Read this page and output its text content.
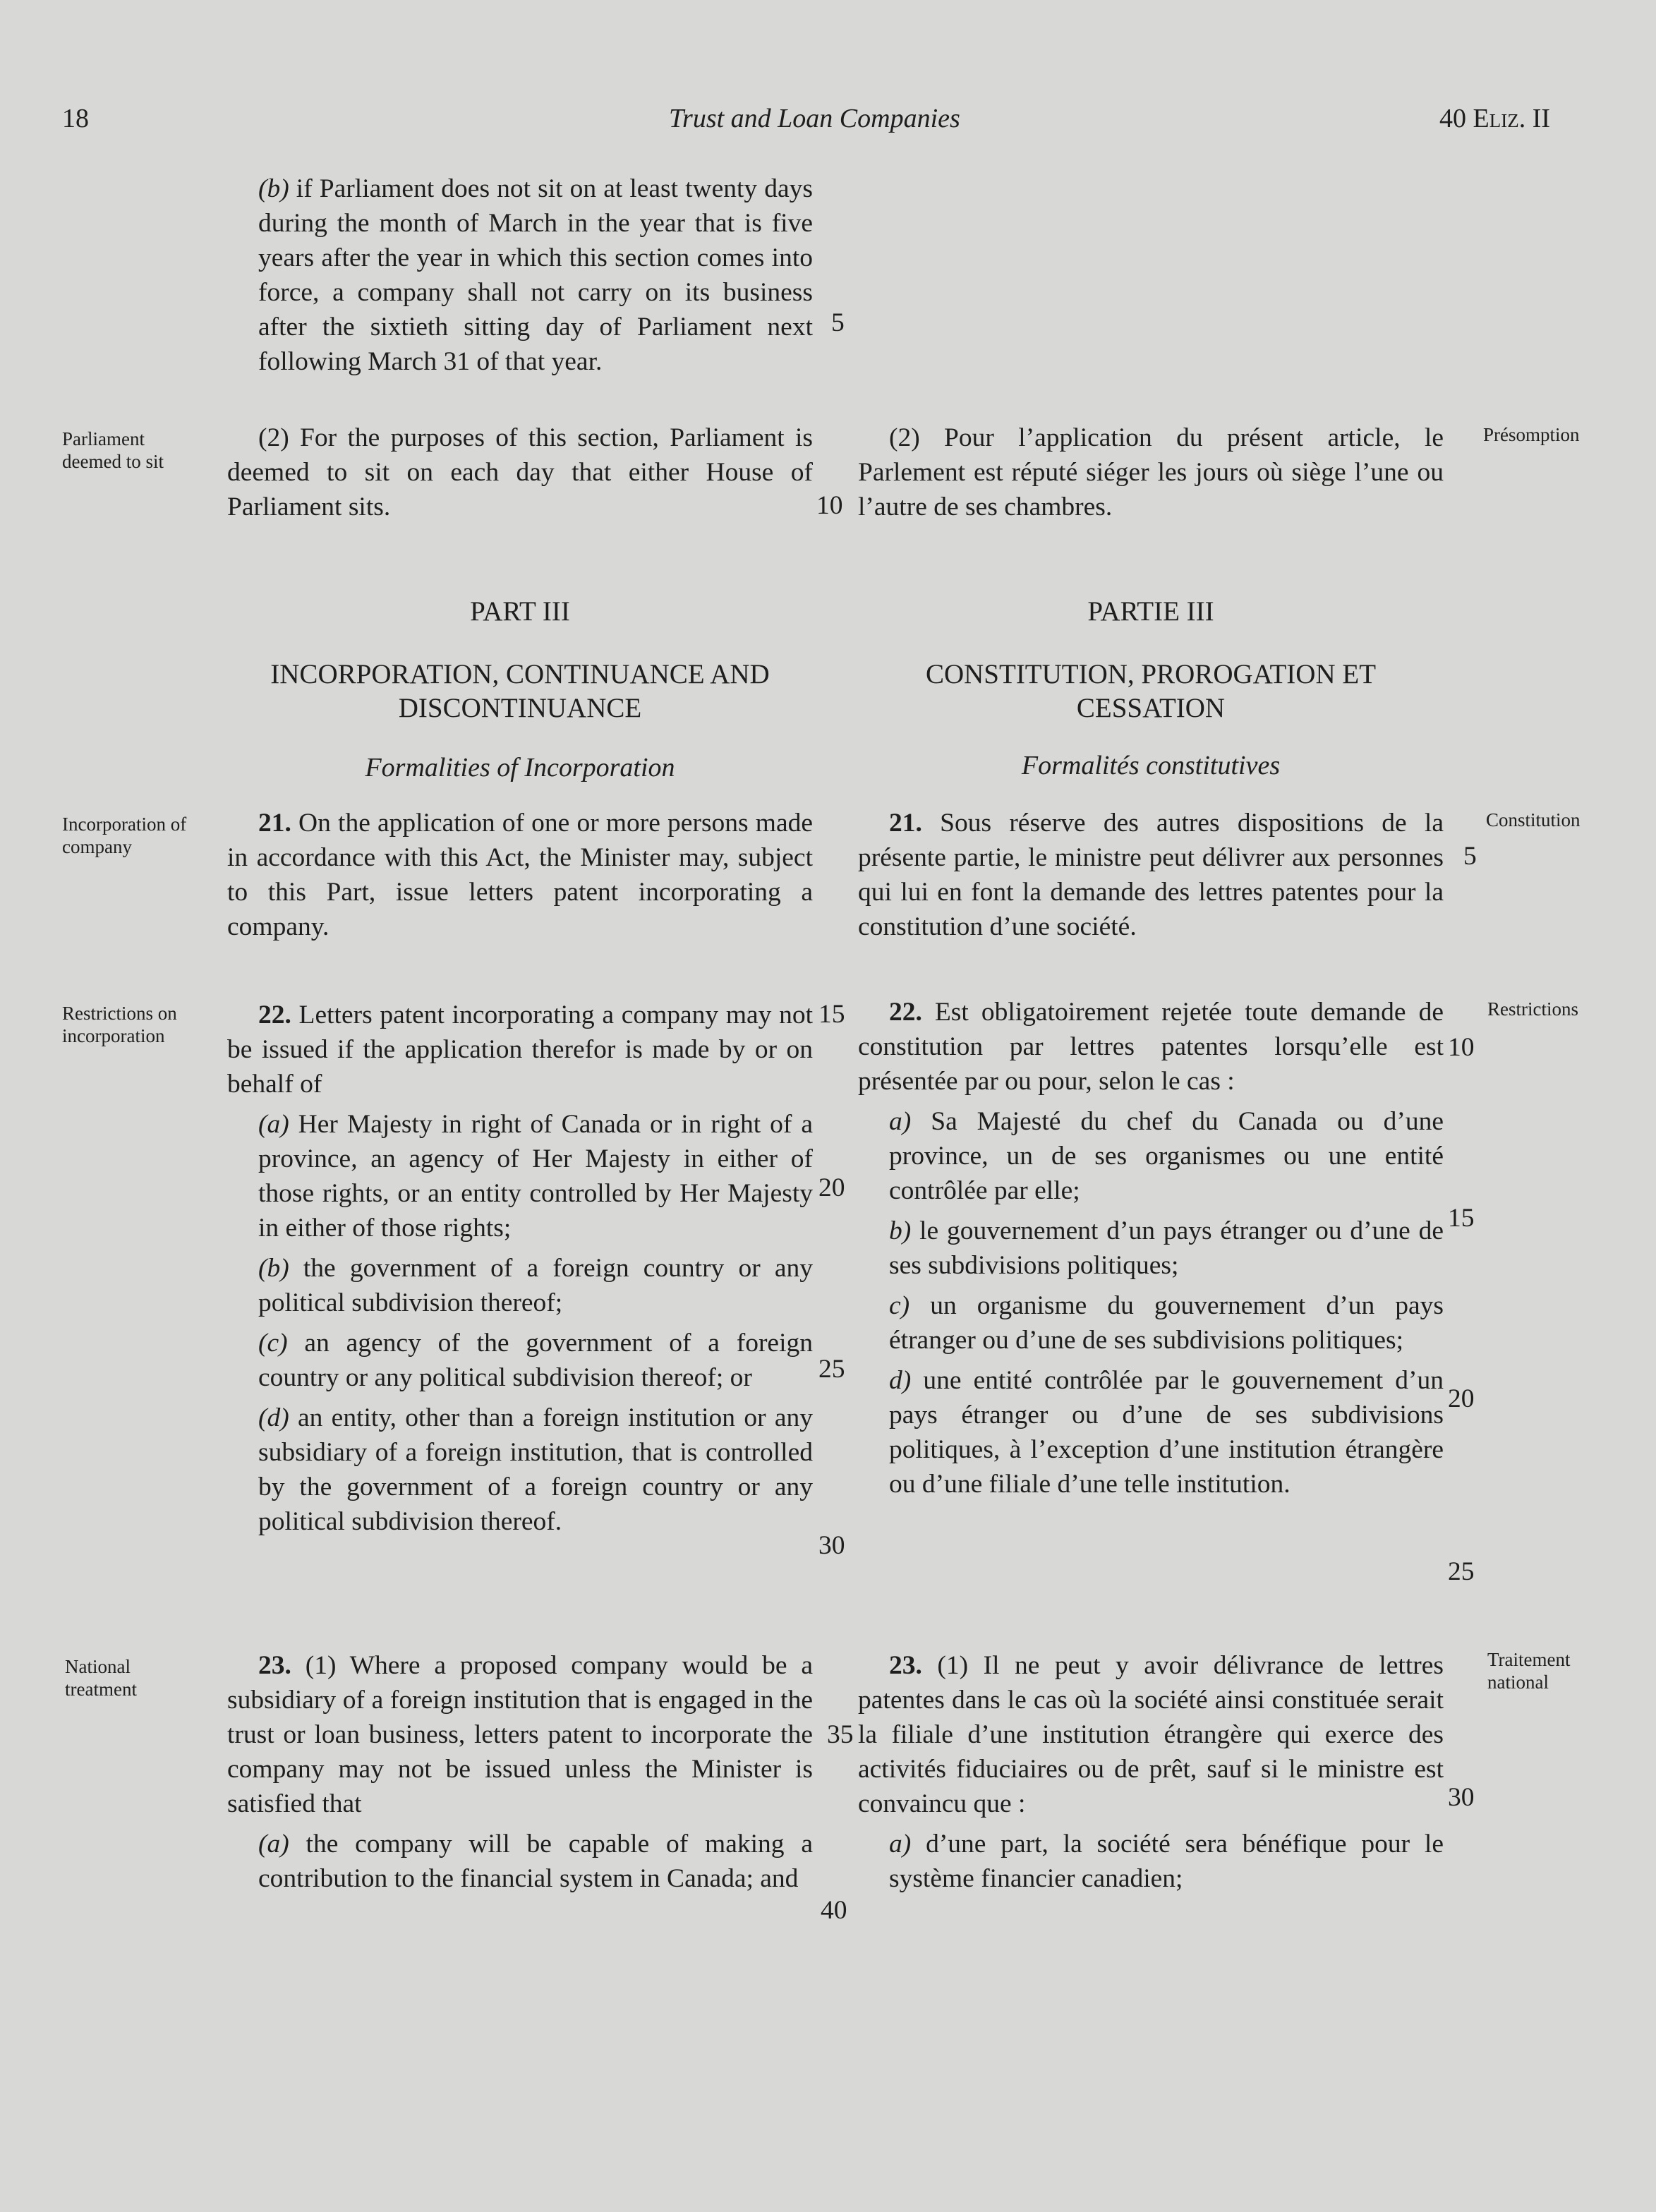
18	Trust and Loan Companies	40 Eliz. II
Parliament deemed to sit
Incorporation of company
Restrictions on incorporation
National treatment
Présomption
Constitution
Restrictions
Traitement national
(b) if Parliament does not sit on at least twenty days during the month of March in the year that is five years after the year in which this section comes into force, a company shall not carry on its business after the sixtieth sitting day of Parliament next following March 31 of that year.
(2) For the purposes of this section, Parliament is deemed to sit on each day that either House of Parliament sits.
PART III
INCORPORATION, CONTINUANCE AND DISCONTINUANCE
Formalities of Incorporation
21. On the application of one or more persons made in accordance with this Act, the Minister may, subject to this Part, issue letters patent incorporating a company.
22. Letters patent incorporating a company may not be issued if the application therefor is made by or on behalf of
(a) Her Majesty in right of Canada or in right of a province, an agency of Her Majesty in either of those rights, or an entity controlled by Her Majesty in either of those rights;
(b) the government of a foreign country or any political subdivision thereof;
(c) an agency of the government of a foreign country or any political subdivision thereof; or
(d) an entity, other than a foreign institution or any subsidiary of a foreign institution, that is controlled by the government of a foreign country or any political subdivision thereof.
23. (1) Where a proposed company would be a subsidiary of a foreign institution that is engaged in the trust or loan business, letters patent to incorporate the company may not be issued unless the Minister is satisfied that
(a) the company will be capable of making a contribution to the financial system in Canada; and
(2) Pour l’application du présent article, le Parlement est réputé siéger les jours où siège l’une ou l’autre de ses chambres.
PARTIE III
CONSTITUTION, PROROGATION ET CESSATION
Formalités constitutives
21. Sous réserve des autres dispositions de la présente partie, le ministre peut délivrer aux personnes qui lui en font la demande des lettres patentes pour la constitution d’une société.
22. Est obligatoirement rejetée toute demande de constitution par lettres patentes lorsqu’elle est présentée par ou pour, selon le cas :
a) Sa Majesté du chef du Canada ou d’une province, un de ses organismes ou une entité contrôlée par elle;
b) le gouvernement d’un pays étranger ou d’une de ses subdivisions politiques;
c) un organisme du gouvernement d’un pays étranger ou d’une de ses subdivisions politiques;
d) une entité contrôlée par le gouvernement d’un pays étranger ou d’une de ses subdivisions politiques, à l’exception d’une institution étrangère ou d’une filiale d’une telle institution.
23. (1) Il ne peut y avoir délivrance de lettres patentes dans le cas où la société ainsi constituée serait la filiale d’une institution étrangère qui exerce des activités fiduciaires ou de prêt, sauf si le ministre est convaincu que :
a) d’une part, la société sera bénéfique pour le système financier canadien;
5
10
15
20
25
30
35
40
5
10
15
20
25
30
